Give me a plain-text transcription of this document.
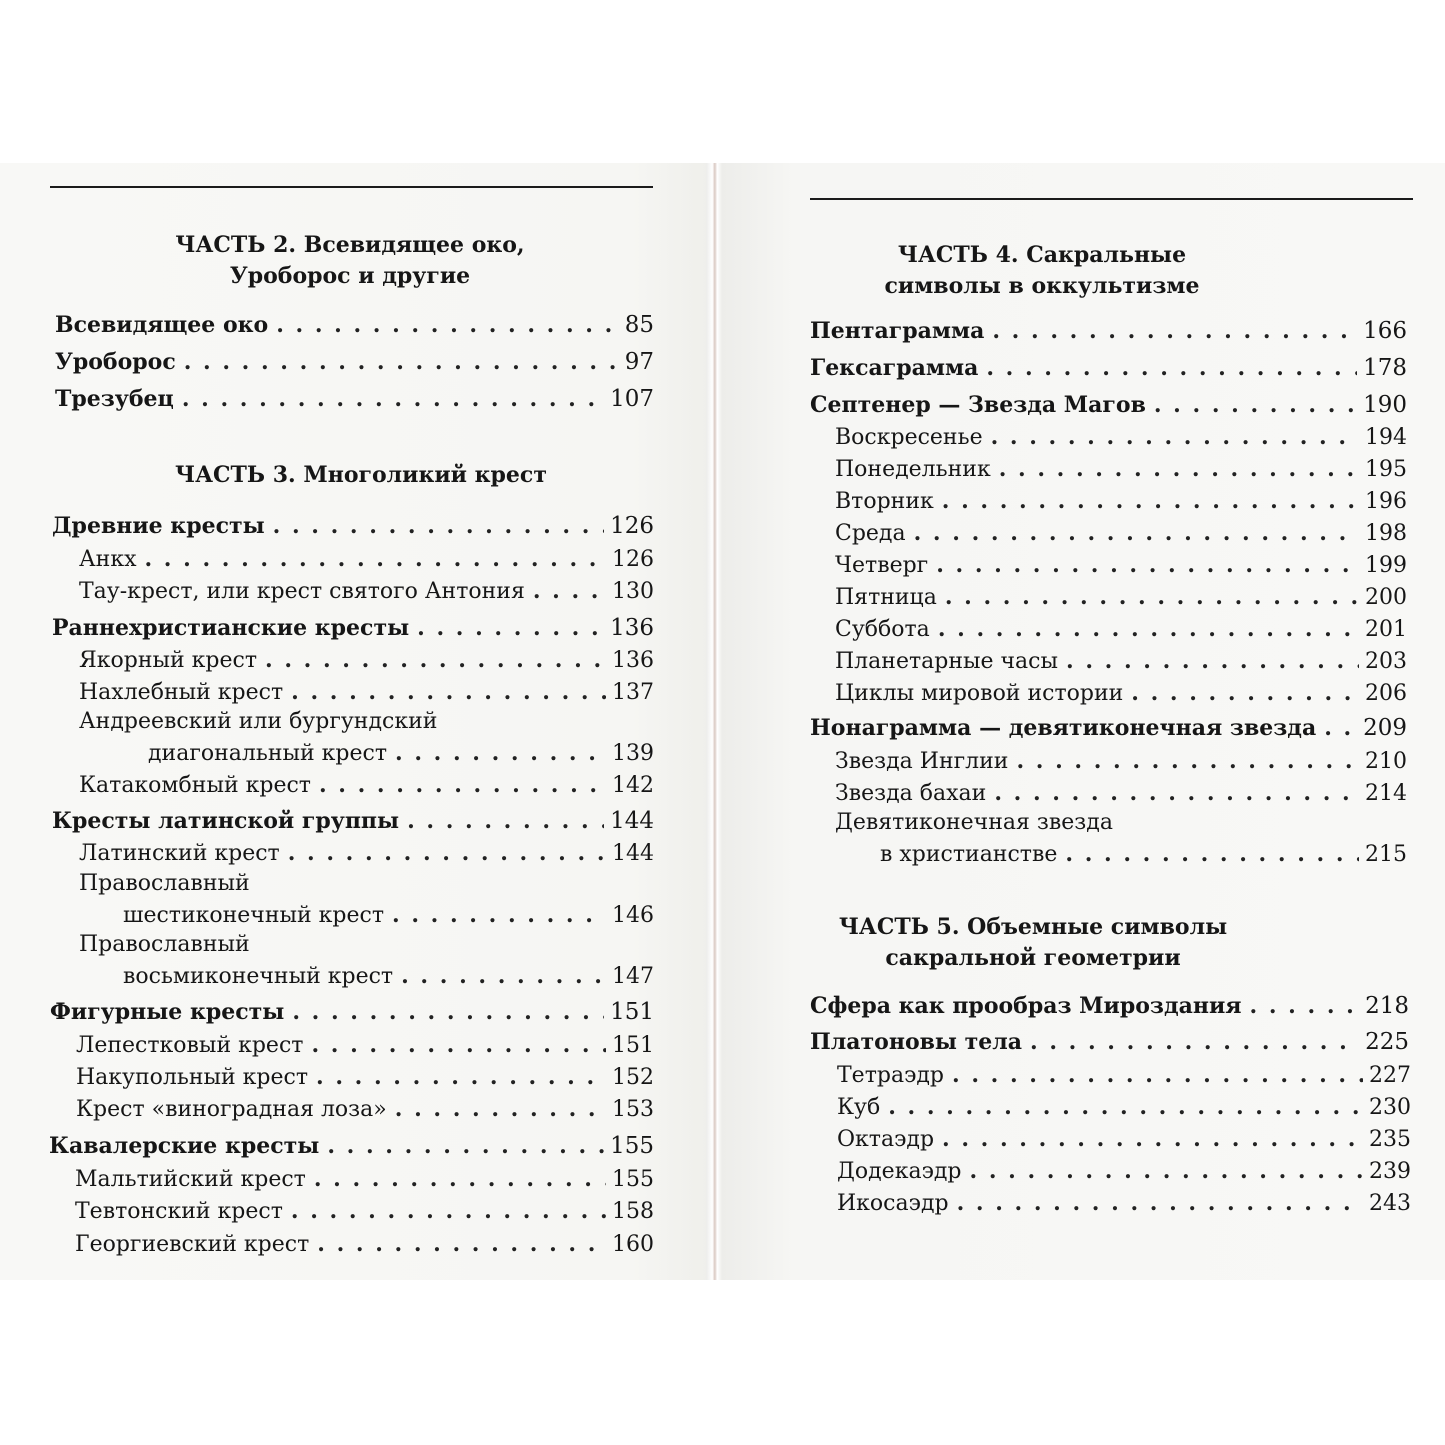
ЧАСТЬ 2. Всевидящее око,
Уроборос и другие
Всевидящее око . . .	85
Уроборос . . .	97
Трезубец . . .	107
ЧАСТЬ 3. Многоликий крест
Древние кресты . . .	126
Анкх . . .	126
Тау-крест, или крест святого Антония . . .	130
Раннехристианские кресты . . .	136
Якорный крест . . .	136
Нахлебный крест . . .	137
Андреевский или бургундский
диагональный крест . . .	139
Катакомбный крест . . .	142
Кресты латинской группы . . .	144
Латинский крест . . .	144
Православный
шестиконечный крест . . .	146
Православный
восьмиконечный крест . . .	147
Фигурные кресты . . .	151
Лепестковый крест . . .	151
Накупольный крест . . .	152
Крест «виноградная лоза» . . .	153
Кавалерские кресты . . .	155
Мальтийский крест . . .	155
Тевтонский крест . . .	158
Георгиевский крест . . .	160
ЧАСТЬ 4. Сакральные
символы в оккультизме
Пентаграмма . . .	166
Гексаграмма . . .	178
Септенер — Звезда Магов . . .	190
Воскресенье . . .	194
Понедельник . . .	195
Вторник . . .	196
Среда . . .	198
Четверг . . .	199
Пятница . . .	200
Суббота . . .	201
Планетарные часы . . .	203
Циклы мировой истории . . .	206
Нонаграмма — девятиконечная звезда . . . 209
Звезда Инглии . . .	210
Звезда бахаи . . .	214
Девятиконечная звезда
в христианстве . . .	215
ЧАСТЬ 5. Объемные символы
сакральной геометрии
Сфера как прообраз Мироздания . . .	218
Платоновы тела . . .	225
Тетраэдр . . .	227
Куб . . .	230
Октаэдр . . .	235
Додекаэдр . . .	239
Икосаэдр . . .	243
